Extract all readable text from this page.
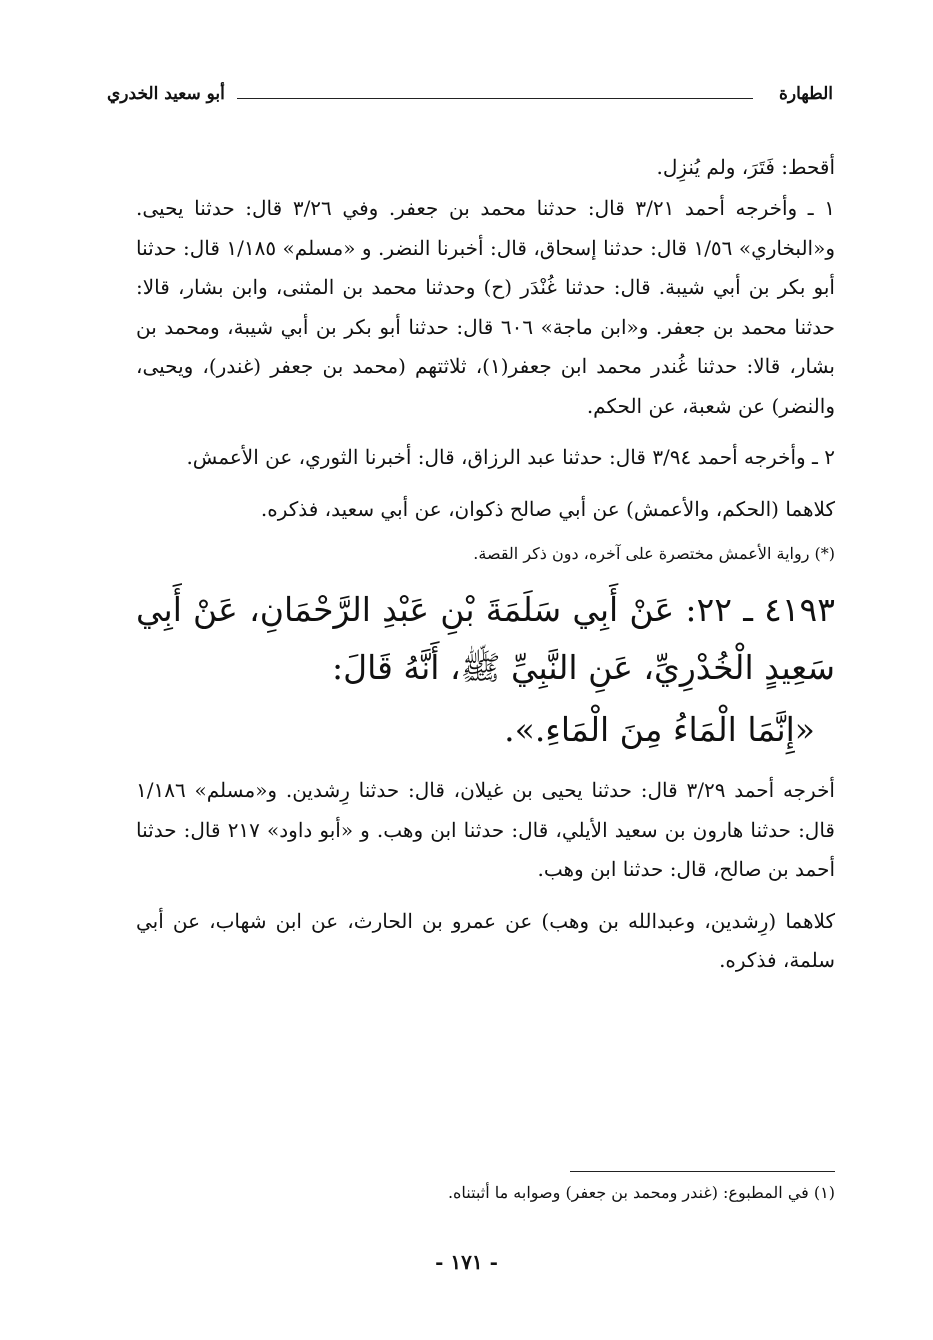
الطهارة
أبو سعيد الخدري

أقحط: فَتَرَ، ولم يُنزِل.

١ ـ وأخرجه أحمد ٣/٢١ قال: حدثنا محمد بن جعفر. وفي ٣/٢٦ قال: حدثنا يحيى. و«البخاري» ١/٥٦ قال: حدثنا إسحاق، قال: أخبرنا النضر. و «مسلم» ١/١٨٥ قال: حدثنا أبو بكر بن أبي شيبة. قال: حدثنا غُنْدَر (ح) وحدثنا محمد بن المثنى، وابن بشار، قالا: حدثنا محمد بن جعفر. و«ابن ماجة» ٦٠٦ قال: حدثنا أبو بكر بن أبي شيبة، ومحمد بن بشار، قالا: حدثنا غُندر محمد ابن جعفر(١)، ثلاثتهم (محمد بن جعفر (غندر)، ويحيى، والنضر) عن شعبة، عن الحكم.

٢ ـ وأخرجه أحمد ٣/٩٤ قال: حدثنا عبد الرزاق، قال: أخبرنا الثوري، عن الأعمش.

كلاهما (الحكم، والأعمش) عن أبي صالح ذكوان، عن أبي سعيد، فذكره.

(*) رواية الأعمش مختصرة على آخره، دون ذكر القصة.

٤١٩٣ ـ ٢٢: عَنْ أَبِي سَلَمَةَ بْنِ عَبْدِ الرَّحْمَانِ، عَنْ أَبِي سَعِيدٍ الْخُدْرِيِّ، عَنِ النَّبِيِّ ﷺ، أَنَّهُ قَالَ:

«إِنَّمَا الْمَاءُ مِنَ الْمَاءِ.».

أخرجه أحمد ٣/٢٩ قال: حدثنا يحيى بن غيلان، قال: حدثنا رِشدين. و«مسلم» ١/١٨٦ قال: حدثنا هارون بن سعيد الأيلي، قال: حدثنا ابن وهب. و «أبو داود» ٢١٧ قال: حدثنا أحمد بن صالح، قال: حدثنا ابن وهب.

كلاهما (رِشدين، وعبدالله بن وهب) عن عمرو بن الحارث، عن ابن شهاب، عن أبي سلمة، فذكره.

(١) في المطبوع: (غندر ومحمد بن جعفر) وصوابه ما أثبتناه.
- ١٧١ -
